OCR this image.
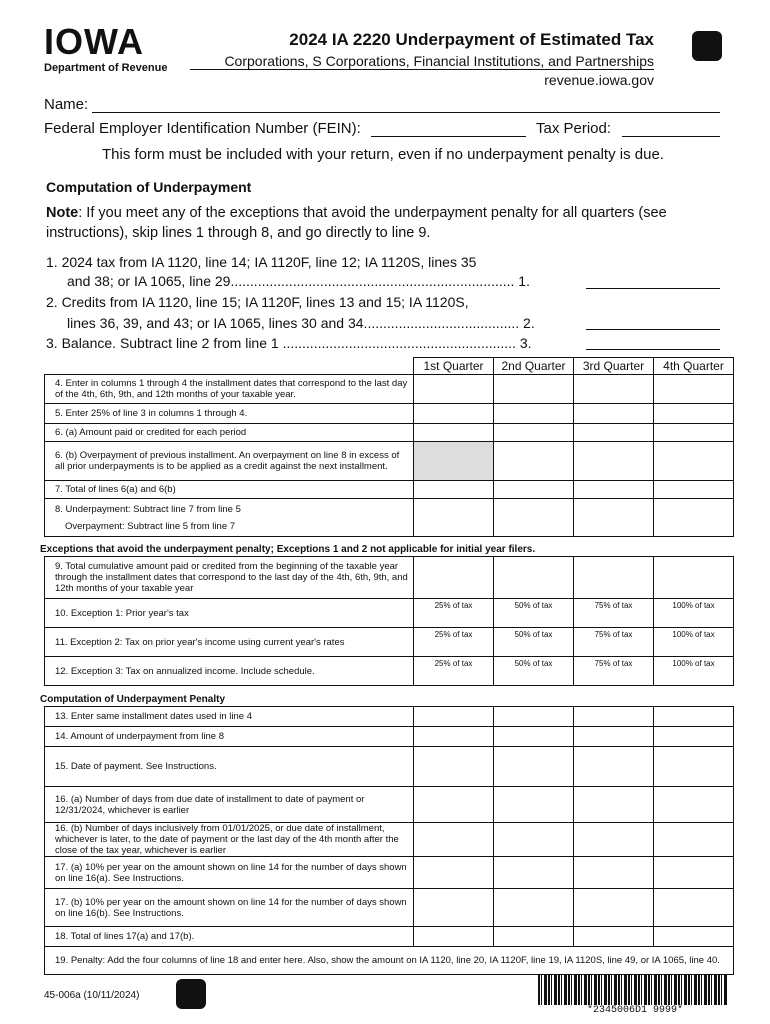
IOWA
Department of Revenue
2024 IA 2220 Underpayment of Estimated Tax
Corporations, S Corporations, Financial Institutions, and Partnerships
revenue.iowa.gov
Name:
Federal Employer Identification Number (FEIN):	Tax Period:
This form must be included with your return, even if no underpayment penalty is due.
Computation of Underpayment
Note: If you meet any of the exceptions that avoid the underpayment penalty for all quarters (see
instructions), skip lines 1 through 8, and go directly to line 9.
1. 2024 tax from IA 1120, line 14; IA 1120F, line 12; IA 1120S, lines 35
and 38; or IA 1065, line 29......................................................................... 1.
2. Credits from IA 1120, line 15; IA 1120F, lines 13 and 15; IA 1120S,
lines 36, 39, and 43; or IA 1065, lines 30 and 34........................................ 2.
3. Balance. Subtract line 2 from line 1 ............................................................ 3.
	1st Quarter	2nd Quarter	3rd Quarter	4th Quarter
4. Enter in columns 1 through 4 the installment dates that correspond to the last day of the 4th, 6th, 9th, and 12th months of your taxable year.				
5. Enter 25% of line 3 in columns 1 through 4.				
6. (a) Amount paid or credited for each period				
6. (b) Overpayment of previous installment. An overpayment on line 8 in excess of all prior underpayments is to be applied as a credit against the next installment.				
7. Total of lines 6(a) and 6(b)				

8. Underpayment: Subtract line 7 from line 5
Overpayment: Subtract line 5 from line 7				

Exceptions that avoid the underpayment penalty; Exceptions 1 and 2 not applicable for initial year filers.
9. Total cumulative amount paid or credited from the beginning of the taxable year through the installment dates that correspond to the last day of the 4th, 6th, 9th, and 12th months of your taxable year				
10. Exception 1: Prior year's tax	25% of tax	50% of tax	75% of tax	100% of tax
11. Exception 2: Tax on prior year's income using current year's rates	25% of tax	50% of tax	75% of tax	100% of tax
12. Exception 3: Tax on annualized income. Include schedule.	25% of tax	50% of tax	75% of tax	100% of tax
Computation of Underpayment Penalty
13. Enter same installment dates used in line 4				
14. Amount of underpayment from line 8				
15. Date of payment. See Instructions.				
16. (a) Number of days from due date of installment to date of payment or 12/31/2024, whichever is earlier				
16. (b) Number of days inclusively from 01/01/2025, or due date of installment, whichever is later, to the date of payment or the last day of the 4th month after the close of the tax year, whichever is earlier				
17. (a) 10% per year on the amount shown on line 14 for the number of days shown on line 16(a). See Instructions.				
17. (b) 10% per year on the amount shown on line 14 for the number of days shown on line 16(b). See Instructions.				
18. Total of lines 17(a) and 17(b).				
19. Penalty: Add the four columns of line 18 and enter here. Also, show the amount on IA 1120, line 20, IA 1120F, line 19, IA 1120S, line 49, or IA 1065, line 40.				
45-006a (10/11/2024)
*2345006D1 9999*
